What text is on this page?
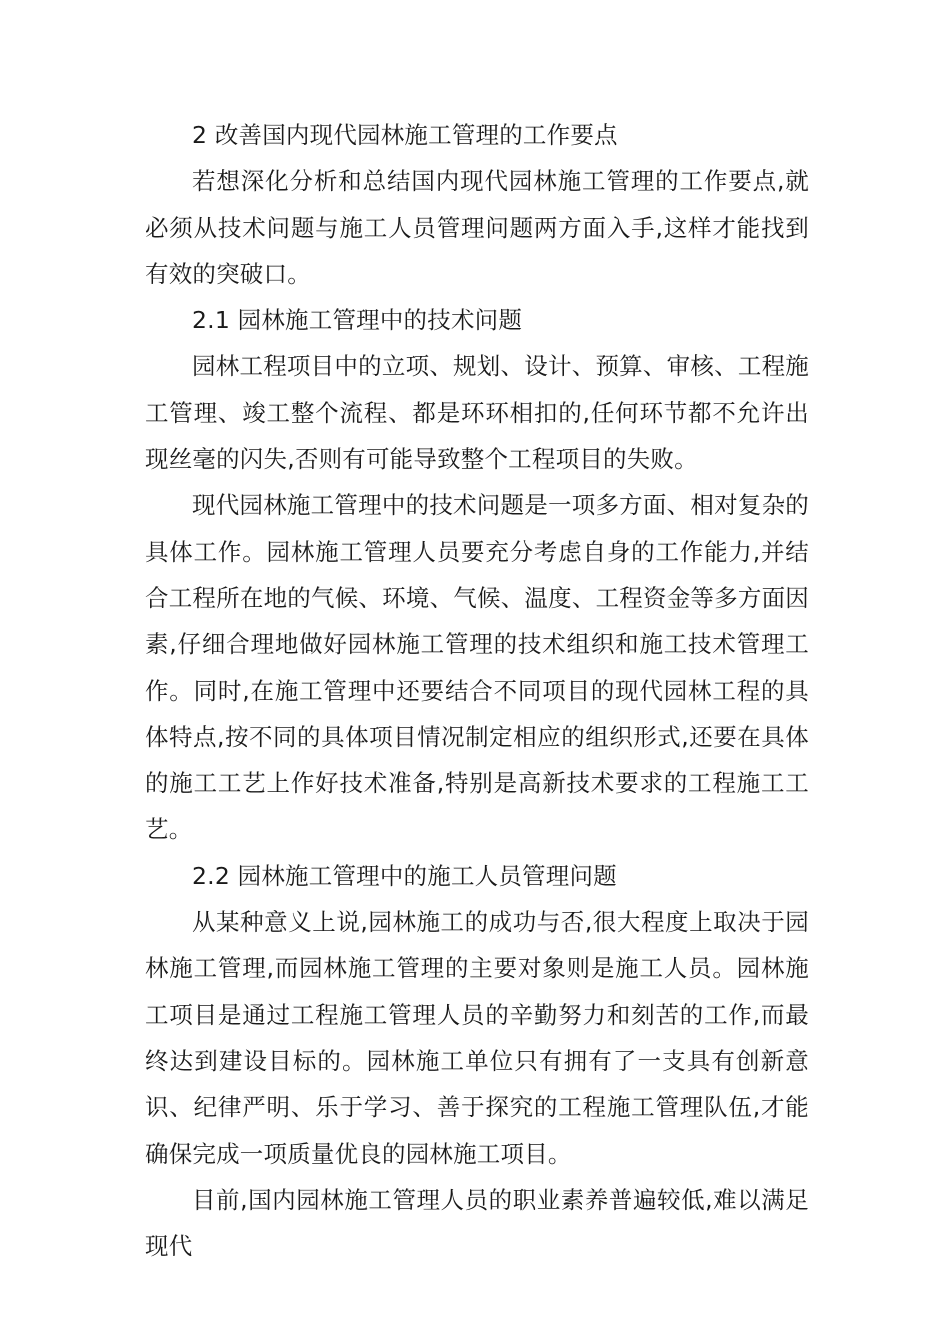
2 改善国内现代园林施工管理的工作要点

若想深化分析和总结国内现代园林施工管理的工作要点,就必须从技术问题与施工人员管理问题两方面入手,这样才能找到有效的突破口。

2.1 园林施工管理中的技术问题

园林工程项目中的立项、规划、设计、预算、审核、工程施工管理、竣工整个流程、都是环环相扣的,任何环节都不允许出现丝毫的闪失,否则有可能导致整个工程项目的失败。

现代园林施工管理中的技术问题是一项多方面、相对复杂的具体工作。园林施工管理人员要充分考虑自身的工作能力,并结合工程所在地的气候、环境、气候、温度、工程资金等多方面因素,仔细合理地做好园林施工管理的技术组织和施工技术管理工作。同时,在施工管理中还要结合不同项目的现代园林工程的具体特点,按不同的具体项目情况制定相应的组织形式,还要在具体的施工工艺上作好技术准备,特别是高新技术要求的工程施工工艺。

2.2 园林施工管理中的施工人员管理问题

从某种意义上说,园林施工的成功与否,很大程度上取决于园林施工管理,而园林施工管理的主要对象则是施工人员。园林施工项目是通过工程施工管理人员的辛勤努力和刻苦的工作,而最终达到建设目标的。园林施工单位只有拥有了一支具有创新意识、纪律严明、乐于学习、善于探究的工程施工管理队伍,才能确保完成一项质量优良的园林施工项目。

目前,国内园林施工管理人员的职业素养普遍较低,难以满足现代
